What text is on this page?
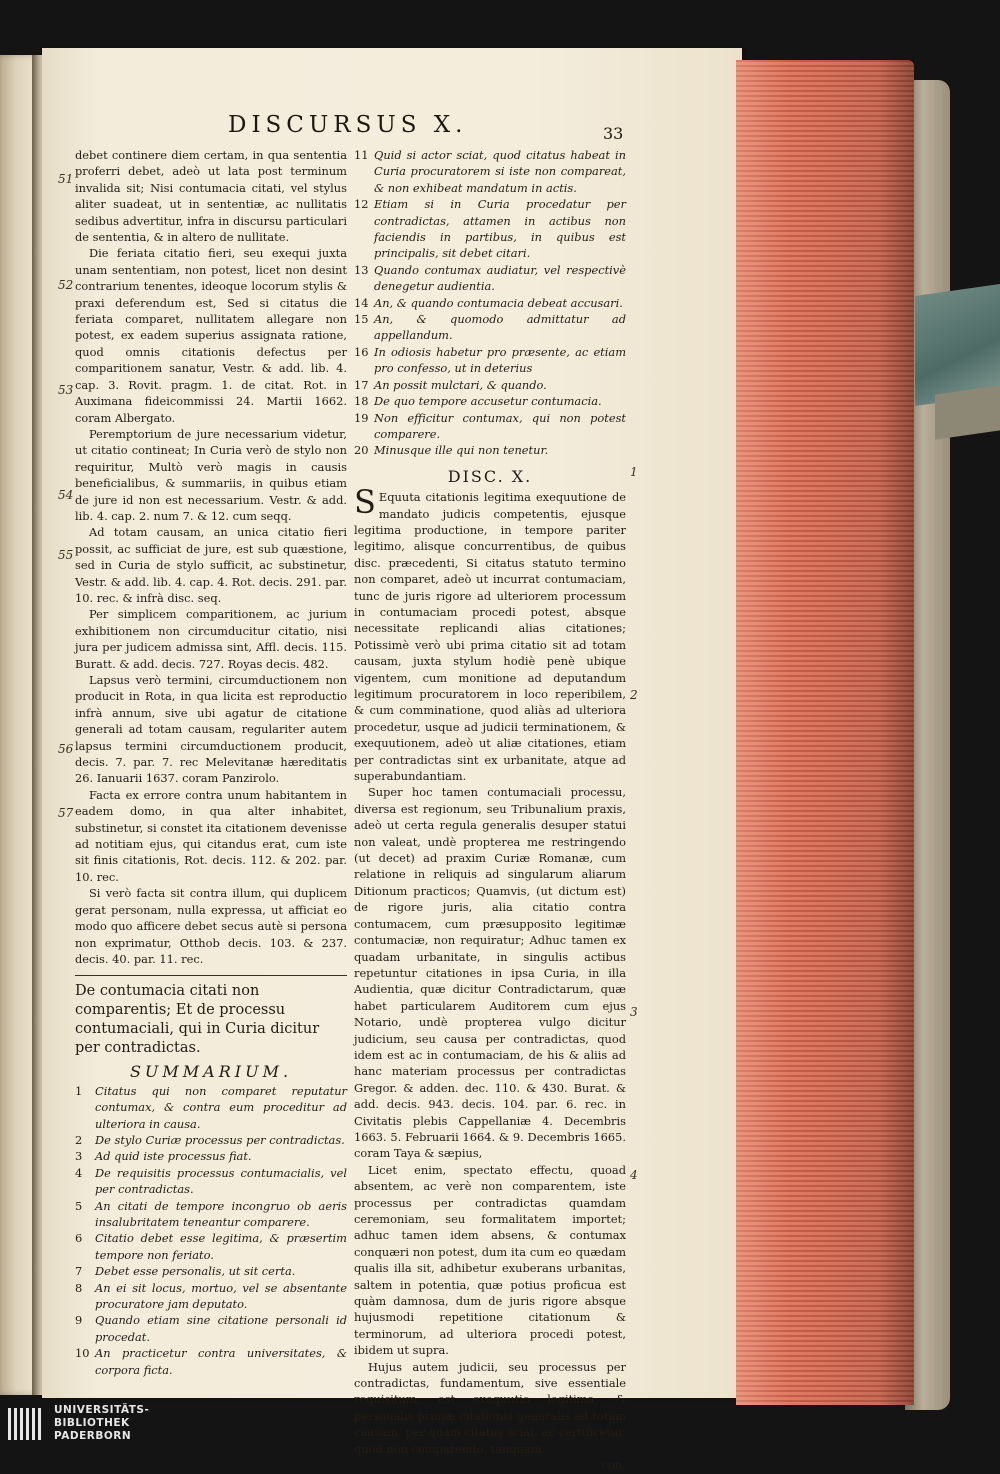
DISCURSUS X.	33

debet continere diem certam, in qua sententia proferri debet, adeò ut lata post terminum invalida sit; Nisi contumacia citati, vel stylus aliter suadeat, ut in sententiæ, ac nullitatis sedibus advertitur, infra in discursu particulari de sententia, & in altero de nullitate.

Die feriata citatio fieri, seu exequi juxta unam sententiam, non potest, licet non desint contrarium tenentes, ideoque locorum stylis & praxi deferendum est, Sed si citatus die feriata comparet, nullitatem allegare non potest, ex eadem superius assignata ratione, quod omnis citationis defectus per comparitionem sanatur, Vestr. & add. lib. 4. cap. 3. Rovit. pragm. 1. de citat. Rot. in Auximana fideicommissi 24. Martii 1662. coram Albergato.

Peremptorium de jure necessarium videtur, ut citatio contineat; In Curia verò de stylo non requiritur, Multò verò magis in causis beneficialibus, & summariis, in quibus etiam de jure id non est necessarium. Vestr. & add. lib. 4. cap. 2. num 7. & 12. cum seqq.

Ad totam causam, an unica citatio fieri possit, ac sufficiat de jure, est sub quæstione, sed in Curia de stylo sufficit, ac substinetur, Vestr. & add. lib. 4. cap. 4. Rot. decis. 291. par. 10. rec. & infrà disc. seq.

Per simplicem comparitionem, ac jurium exhibitionem non circumducitur citatio, nisi jura per judicem admissa sint, Affl. decis. 115. Buratt. & add. decis. 727. Royas decis. 482.

Lapsus verò termini, circumductionem non producit in Rota, in qua licita est reproductio infrà annum, sive ubi agatur de citatione generali ad totam causam, regulariter autem lapsus termini circumductionem producit, decis. 7. par. 7. rec Melevitanæ hæreditatis 26. Ianuarii 1637. coram Panzirolo.

Facta ex errore contra unum habitantem in eadem domo, in qua alter inhabitet, substinetur, si constet ita citationem devenisse ad notitiam ejus, qui citandus erat, cum iste sit finis citationis, Rot. decis. 112. & 202. par. 10. rec.

Si verò facta sit contra illum, qui duplicem gerat personam, nulla expressa, ut afficiat eo modo quo afficere debet secus autè si persona non exprimatur, Otthob decis. 103. & 237. decis. 40. par. 11. rec.

De contumacia citati non comparentis; Et de processu contumaciali, qui in Curia dicitur per contradictas.

SUMMARIUM.
1	Citatus qui non comparet reputatur contumax, & contra eum proceditur ad ulteriora in causa.
2	De stylo Curiæ processus per contradictas.
3	Ad quid iste processus fiat.
4	De requisitis processus contumacialis, vel per contradictas.
5	An citati de tempore incongruo ob aeris insalubritatem teneantur comparere.
6	Citatio debet esse legitima, & præsertim tempore non feriato.
7	Debet esse personalis, ut sit certa.
8	An ei sit locus, mortuo, vel se absentante procuratore jam deputato.
9	Quando etiam sine citatione personali id procedat.
10 An practicetur contra universitates, & corpora ficta.
51
52
53
54
55
56
57
11 Quid si actor sciat, quod citatus habeat in Curia procuratorem si iste non compareat, & non exhibeat mandatum in actis.
12 Etiam si in Curia procedatur per contradictas, attamen in actibus non faciendis in partibus, in quibus est principalis, sit debet citari.
13 Quando contumax audiatur, vel respectivè denegetur audientia.
14 An, & quando contumacia debeat accusari.
15 An, & quomodo admittatur ad appellandum.
16 In odiosis habetur pro præsente, ac etiam pro confesso, ut in deterius
17 An possit mulctari, & quando.
18 De quo tempore accusetur contumacia.
19 Non efficitur contumax, qui non potest comparere.
20 Minusque ille qui non tenetur.
DISC. X.

S Equuta citationis legitima exequutione de mandato judicis competentis, ejusque legitima productione, in tempore pariter legitimo, alisque concurrentibus, de quibus disc. præcedenti, Si citatus statuto termino non comparet, adeò ut incurrat contumaciam, tunc de juris rigore ad ulteriorem processum in contumaciam procedi potest, absque necessitate replicandi alias citationes; Potissimè verò ubi prima citatio sit ad totam causam, juxta stylum hodiè penè ubique vigentem, cum monitione ad deputandum legitimum procuratorem in loco reperibilem, & cum comminatione, quod aliàs ad ulteriora procedetur, usque ad judicii terminationem, & exequutionem, adeò ut aliæ citationes, etiam per contradictas sint ex urbanitate, atque ad superabundantiam.

Super hoc tamen contumaciali processu, diversa est regionum, seu Tribunalium praxis, adeò ut certa regula generalis desuper statui non valeat, undè propterea me restringendo (ut decet) ad praxim Curiæ Romanæ, cum relatione in reliquis ad singularum aliarum Ditionum practicos; Quamvis, (ut dictum est) de rigore juris, alia citatio contra contumacem, cum præsupposito legitimæ contumaciæ, non requiratur; Adhuc tamen ex quadam urbanitate, in singulis actibus repetuntur citationes in ipsa Curia, in illa Audientia, quæ dicitur Contradictarum, quæ habet particularem Auditorem cum ejus Notario, undè propterea vulgo dicitur judicium, seu causa per contradictas, quod idem est ac in contumaciam, de his & aliis ad hanc materiam processus per contradictas Gregor. & adden. dec. 110. & 430. Burat. & add. decis. 943. decis. 104. par. 6. rec. in Civitatis plebis Cappellaniæ 4. Decembris 1663. 5. Februarii 1664. & 9. Decembris 1665. coram Taya & sæpius,

Licet enim, spectato effectu, quoad absentem, ac verè non comparentem, iste processus per contradictas quamdam ceremoniam, seu formalitatem importet; adhuc tamen idem absens, & contumax conquæri non potest, dum ita cum eo quædam qualis illa sit, adhibetur exuberans urbanitas, saltem in potentia, quæ potius proficua est quàm damnosa, dum de juris rigore absque hujusmodi repetitione citationum & terminorum, ad ulteriora procedi potest, ibidem ut supra.

Hujus autem judicii, seu processus per contradictas, fundamentum, sive essentiale requisitum, est exequutio legitima; & personalis primæ citationis generalis ad totam causam, per quam citatus sciat, ac certificetur, quod non comparendo, tanquam

con-

1
2
3
4
UNIVERSITÄTS-
BIBLIOTHEK
PADERBORN
